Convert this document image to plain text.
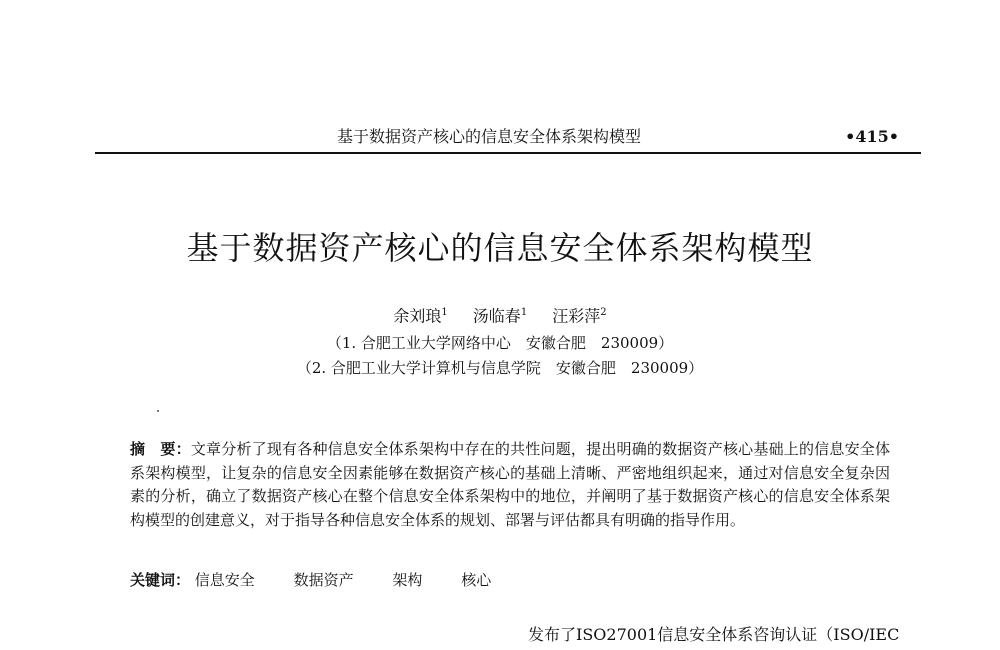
基于数据资产核心的信息安全体系架构模型	•415•
基于数据资产核心的信息安全体系架构模型
余刘琅$^1$ 汤临春$^1$ 汪彩萍$^2$
（1. 合肥工业大学网络中心　安徽合肥　230009）
（2. 合肥工业大学计算机与信息学院　安徽合肥　230009）
摘　要：文章分析了现有各种信息安全体系架构中存在的共性问题，提出明确的数据资产核心基础上的信息安全体系架构模型，让复杂的信息安全因素能够在数据资产核心的基础上清晰、严密地组织起来，通过对信息安全复杂因素的分析，确立了数据资产核心在整个信息安全体系架构中的地位，并阐明了基于数据资产核心的信息安全体系架构模型的创建意义，对于指导各种信息安全体系的规划、部署与评估都具有明确的指导作用。
关键词： 信息安全	数据资产	架构	核心
发布了ISO27001信息安全体系咨询认证（ISO/IEC
